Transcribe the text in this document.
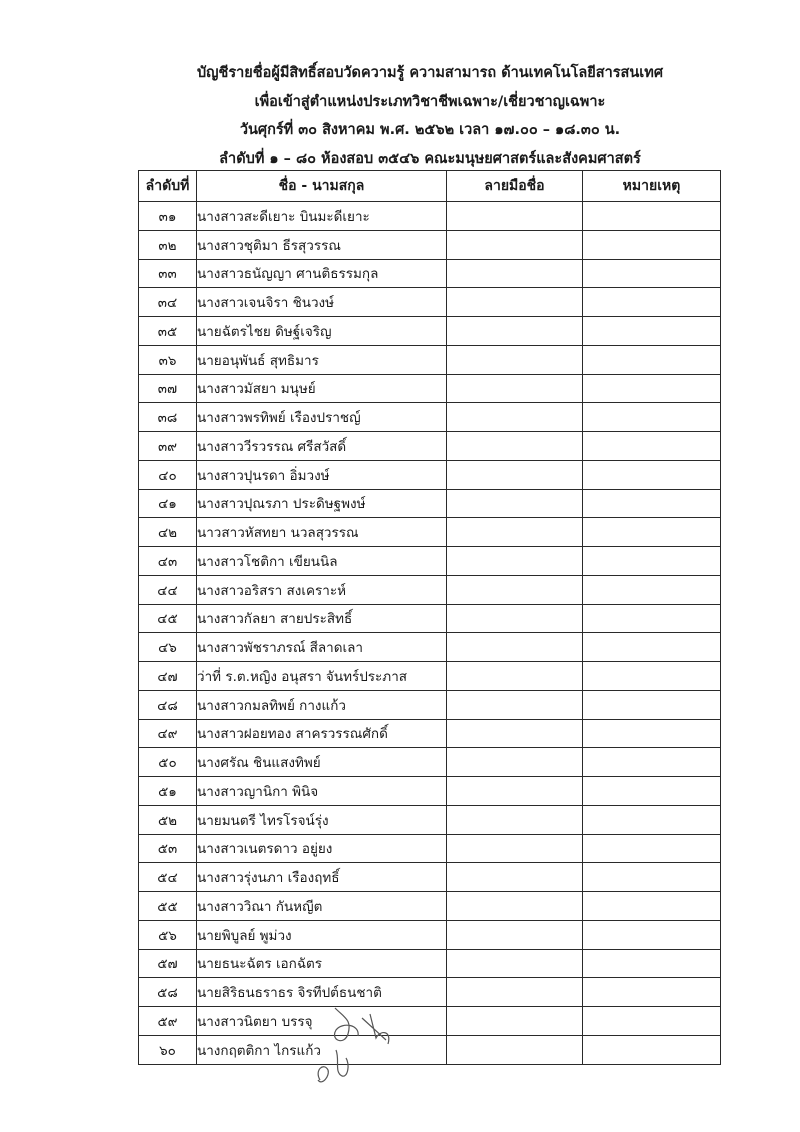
บัญชีรายชื่อผู้มีสิทธิ์สอบวัดความรู้ ความสามารถ ด้านเทคโนโลยีสารสนเทศ
เพื่อเข้าสู่ตำแหน่งประเภทวิชาชีพเฉพาะ/เชี่ยวชาญเฉพาะ
วันศุกร์ที่ ๓๐ สิงหาคม พ.ศ. ๒๕๖๒ เวลา ๑๗.๐๐ – ๑๘.๓๐ น.
ลำดับที่ ๑ – ๘๐ ห้องสอบ ๓๕๔๖ คณะมนุษยศาสตร์และสังคมศาสตร์
ลำดับที่	ชื่อ - นามสกุล	ลายมือชื่อ	หมายเหตุ
๓๑	นางสาวสะดีเยาะ บินมะดีเยาะ		
๓๒	นางสาวชุติมา ธีรสุวรรณ		
๓๓	นางสาวธนัญญา ศานติธรรมกุล		
๓๔	นางสาวเจนจิรา ชินวงษ์		
๓๕	นายฉัตรไชย ดิษฐ์เจริญ		
๓๖	นายอนุพันธ์ สุทธิมาร		
๓๗	นางสาวมัสยา มนุษย์		
๓๘	นางสาวพรทิพย์ เรืองปราชญ์		
๓๙	นางสาววีรวรรณ ศรีสวัสดิ์		
๔๐	นางสาวปุนรดา อิ่มวงษ์		
๔๑	นางสาวปุณรภา ประดิษฐพงษ์		
๔๒	นาวสาวหัสทยา นวลสุวรรณ		
๔๓	นางสาวโชติกา เขียนนิล		
๔๔	นางสาวอริสรา สงเคราะห์		
๔๕	นางสาวกัลยา สายประสิทธิ์		
๔๖	นางสาวพัชราภรณ์ สีลาดเลา		
๔๗	ว่าที่ ร.ต.หญิง อนุสรา จันทร์ประภาส		
๔๘	นางสาวกมลทิพย์ กางแก้ว		
๔๙	นางสาวฝอยทอง สาครวรรณศักดิ์		
๕๐	นางศรัณ ชินแสงทิพย์		
๕๑	นางสาวญานิกา พินิจ		
๕๒	นายมนตรี ไทรโรจน์รุ่ง		
๕๓	นางสาวเนตรดาว อยู่ยง		
๕๔	นางสาวรุ่งนภา เรืองฤทธิ์		
๕๕	นางสาววิณา กันหญีต		
๕๖	นายพิบูลย์ พูม่วง		
๕๗	นายธนะฉัตร เอกฉัตร		
๕๘	นายสิริธนธราธร จิรทีปต์ธนชาติ		
๕๙	นางสาวนิตยา บรรจุ		
๖๐	นางกฤตติกา ไกรแก้ว		
